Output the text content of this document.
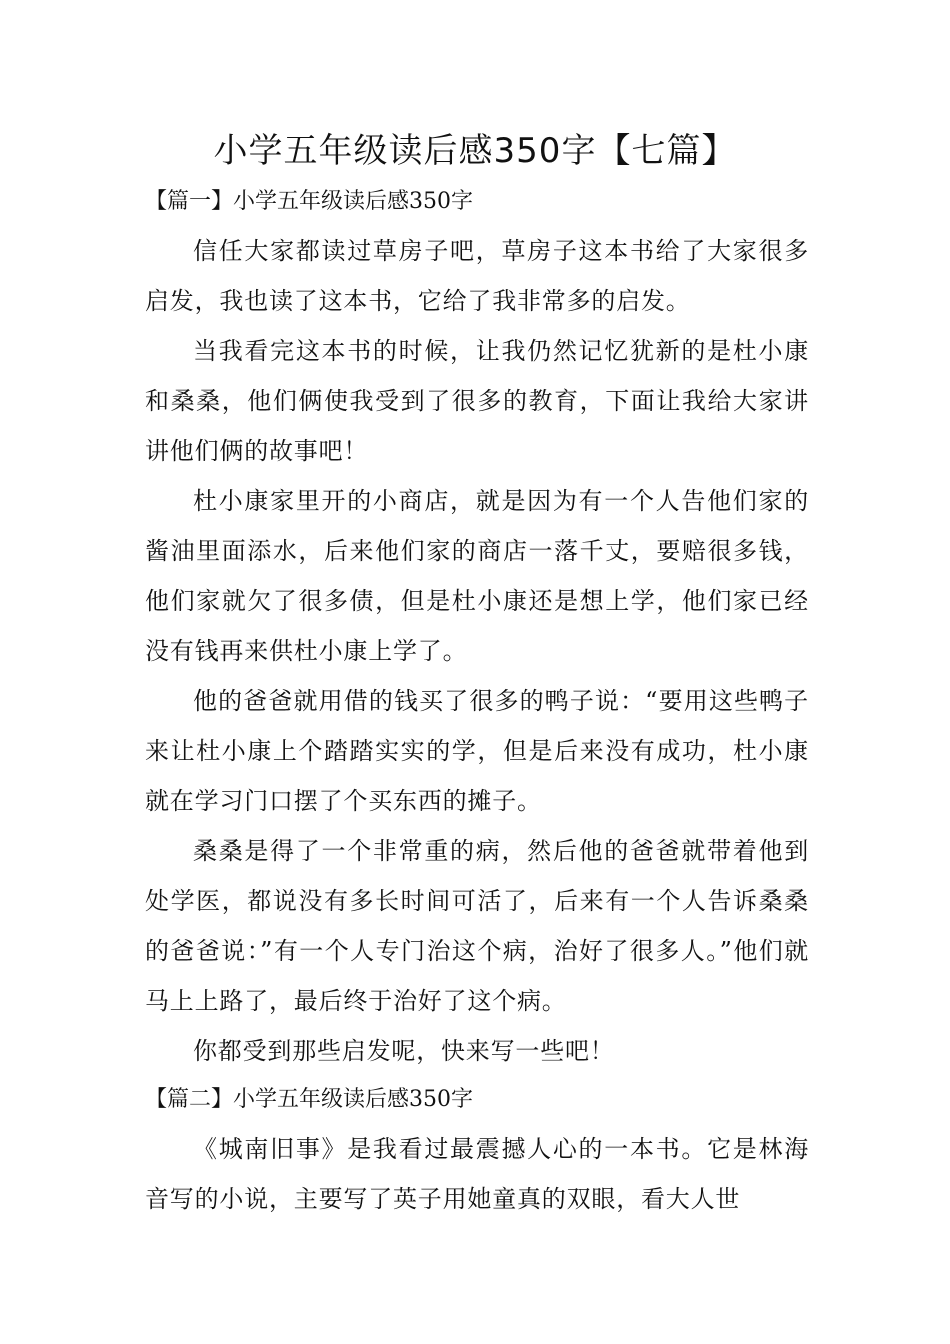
小学五年级读后感350字【七篇】
【篇一】小学五年级读后感350字

信任大家都读过草房子吧，草房子这本书给了大家很多启发，我也读了这本书，它给了我非常多的启发。

当我看完这本书的时候，让我仍然记忆犹新的是杜小康和桑桑，他们俩使我受到了很多的教育，下面让我给大家讲讲他们俩的故事吧！

杜小康家里开的小商店，就是因为有一个人告他们家的酱油里面添水，后来他们家的商店一落千丈，要赔很多钱，他们家就欠了很多债，但是杜小康还是想上学，他们家已经没有钱再来供杜小康上学了。

他的爸爸就用借的钱买了很多的鸭子说：“要用这些鸭子来让杜小康上个踏踏实实的学，但是后来没有成功，杜小康就在学习门口摆了个买东西的摊子。

桑桑是得了一个非常重的病，然后他的爸爸就带着他到处学医，都说没有多长时间可活了，后来有一个人告诉桑桑的爸爸说：”有一个人专门治这个病，治好了很多人。”他们就马上上路了，最后终于治好了这个病。

你都受到那些启发呢，快来写一些吧！

【篇二】小学五年级读后感350字

《城南旧事》是我看过最震撼人心的一本书。它是林海音写的小说，主要写了英子用她童真的双眼，看大人世
